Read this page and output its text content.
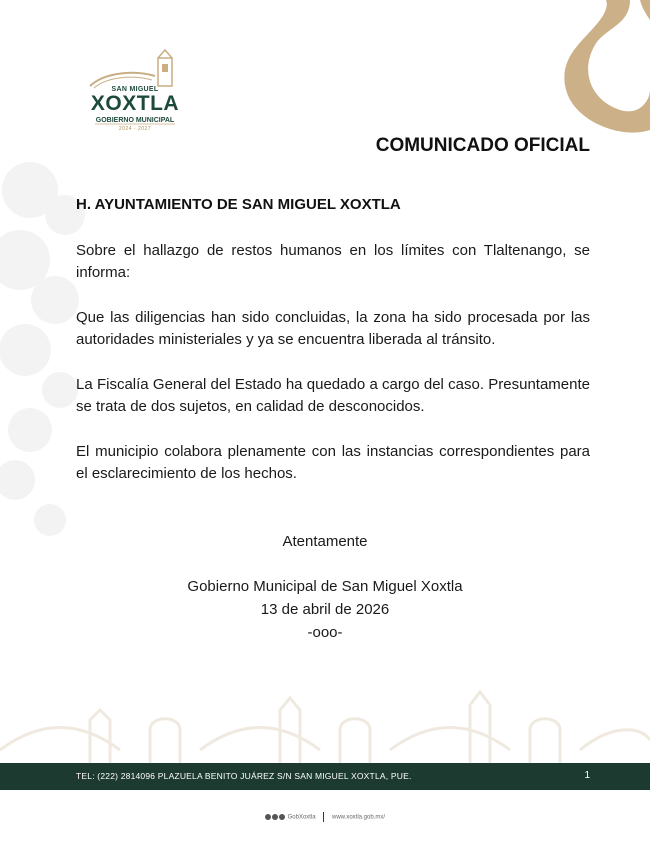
SAN MIGUEL
XOXTLA
GOBIERNO MUNICIPAL
2024 - 2027
COMUNICADO OFICIAL
H. AYUNTAMIENTO DE SAN MIGUEL XOXTLA
Sobre el hallazgo de restos humanos en los límites con Tlaltenango, se informa:
Que las diligencias han sido concluidas, la zona ha sido procesada por las autoridades ministeriales y ya se encuentra liberada al tránsito.
La Fiscalía General del Estado ha quedado a cargo del caso. Presuntamente se trata de dos sujetos, en calidad de desconocidos.
El municipio colabora plenamente con las instancias correspondientes para el esclarecimiento de los hechos.
Atentamente
Gobierno Municipal de San Miguel Xoxtla
13 de abril de 2026
-ooo-
TEL: (222) 2814096 PLAZUELA BENITO JUÁREZ S/N SAN MIGUEL XOXTLA, PUE.	1
GobXoxtla	www.xoxtla.gob.mx/
